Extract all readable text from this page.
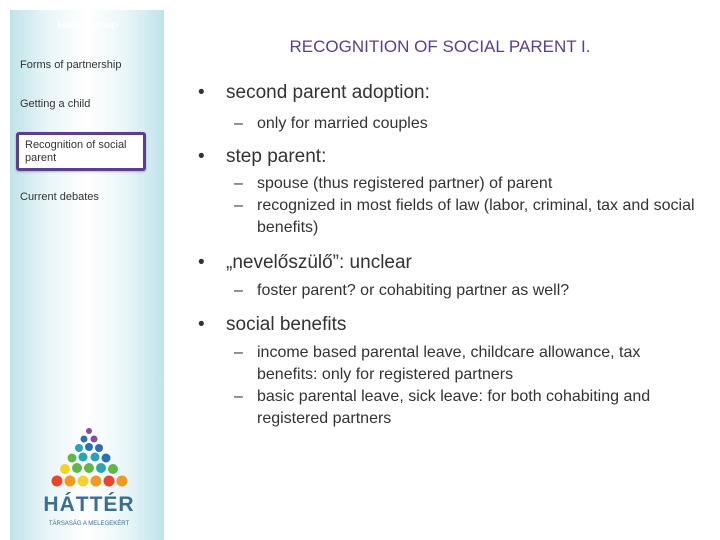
Háttér group
Forms of partnership
Getting a child
Recognition of social parent
Current debates
HÁTTÉR
TÁRSASÁG A MELEGEKÉRT
RECOGNITION OF SOCIAL PARENT I.
• second parent adoption:
– only for married couples
• step parent:
– spouse (thus registered partner) of parent
– recognized in most fields of law (labor, criminal, tax and social benefits)
• „nevelőszülő”: unclear
– foster parent? or cohabiting partner as well?
• social benefits
– income based parental leave, childcare allowance, tax benefits: only for registered partners
– basic parental leave, sick leave: for both cohabiting and registered partners
